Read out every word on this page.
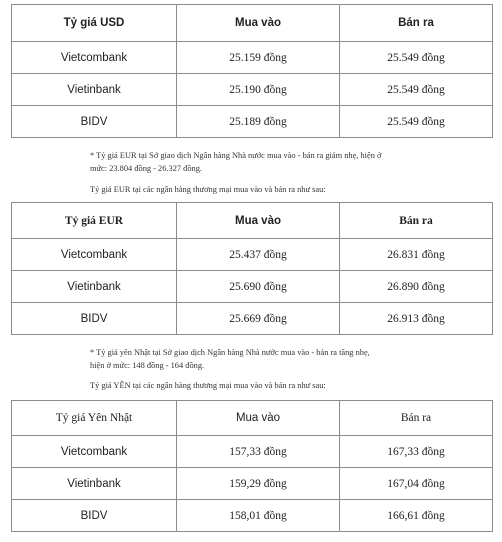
Tỷ giá USD	Mua vào	Bán ra
Vietcombank	25.159 đồng	25.549 đồng
Vietinbank	25.190 đồng	25.549 đồng
BIDV	25.189 đồng	25.549 đồng

* Tỷ giá EUR tại Sở giao dịch Ngân hàng Nhà nước mua vào - bán ra giảm nhẹ, hiện ở
mức: 23.804 đồng - 26.327 đồng.

Tỷ giá EUR tại các ngân hàng thương mại mua vào và bán ra như sau:

Tỷ giá EUR	Mua vào	Bán ra
Vietcombank	25.437 đồng	26.831 đồng
Vietinbank	25.690 đồng	26.890 đồng
BIDV	25.669 đồng	26.913 đồng

* Tỷ giá yên Nhật tại Sở giao dịch Ngân hàng Nhà nước mua vào - bán ra tăng nhẹ,
hiện ở mức: 148 đồng - 164 đồng.

Tỷ giá YÊN tại các ngân hàng thương mại mua vào và bán ra như sau:

Tỷ giá Yên Nhật	Mua vào	Bán ra
Vietcombank	157,33 đồng	167,33 đồng
Vietinbank	159,29 đồng	167,04 đồng
BIDV	158,01 đồng	166,61 đồng
